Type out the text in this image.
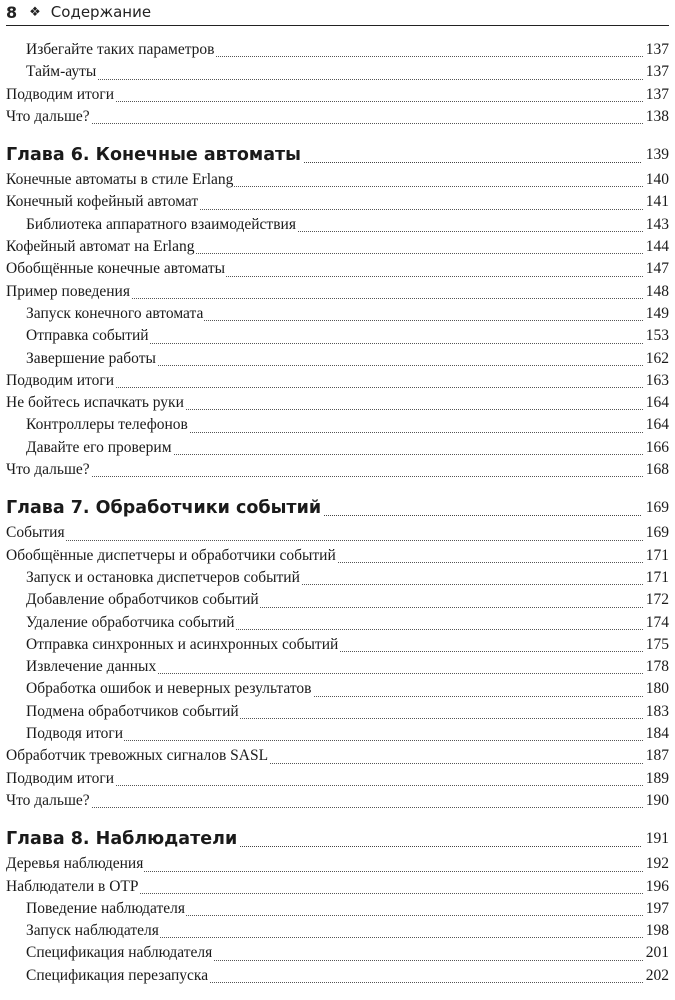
8 ❖ Содержание
Избегайте таких параметров	137
Тайм-ауты	137
Подводим итоги	137
Что дальше?	138
Глава 6. Конечные автоматы	139
Конечные автоматы в стиле Erlang	140
Конечный кофейный автомат	141
Библиотека аппаратного взаимодействия	143
Кофейный автомат на Erlang	144
Обобщённые конечные автоматы	147
Пример поведения	148
Запуск конечного автомата	149
Отправка событий	153
Завершение работы	162
Подводим итоги	163
Не бойтесь испачкать руки	164
Контроллеры телефонов	164
Давайте его проверим	166
Что дальше?	168
Глава 7. Обработчики событий	169
События	169
Обобщённые диспетчеры и обработчики событий	171
Запуск и остановка диспетчеров событий	171
Добавление обработчиков событий	172
Удаление обработчика событий	174
Отправка синхронных и асинхронных событий	175
Извлечение данных	178
Обработка ошибок и неверных результатов	180
Подмена обработчиков событий	183
Подводя итоги	184
Обработчик тревожных сигналов SASL	187
Подводим итоги	189
Что дальше?	190
Глава 8. Наблюдатели	191
Деревья наблюдения	192
Наблюдатели в OTP	196
Поведение наблюдателя	197
Запуск наблюдателя	198
Спецификация наблюдателя	201
Спецификация перезапуска	202
